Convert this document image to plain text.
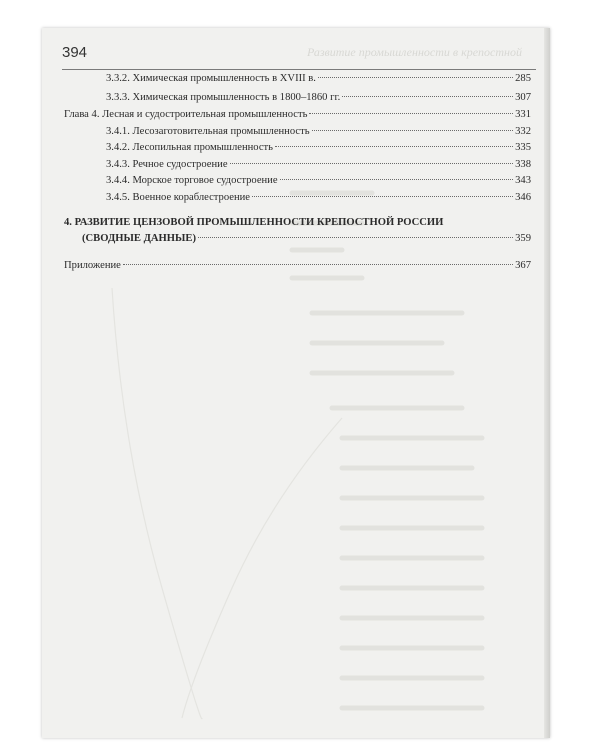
394	Развитие промышленности в крепостной
3.3.2. Химическая промышленность в XVIII в.	285
3.3.3. Химическая промышленность в 1800–1860 гг.	307
Глава 4. Лесная и судостроительная промышленность	331
3.4.1. Лесозаготовительная промышленность	332
3.4.2. Лесопильная промышленность	335
3.4.3. Речное судостроение	338
3.4.4. Морское торговое судостроение	343
3.4.5. Военное кораблестроение	346
4. РАЗВИТИЕ ЦЕНЗОВОЙ ПРОМЫШЛЕННОСТИ КРЕПОСТНОЙ РОССИИ
(СВОДНЫЕ ДАННЫЕ)	359
Приложение	367
